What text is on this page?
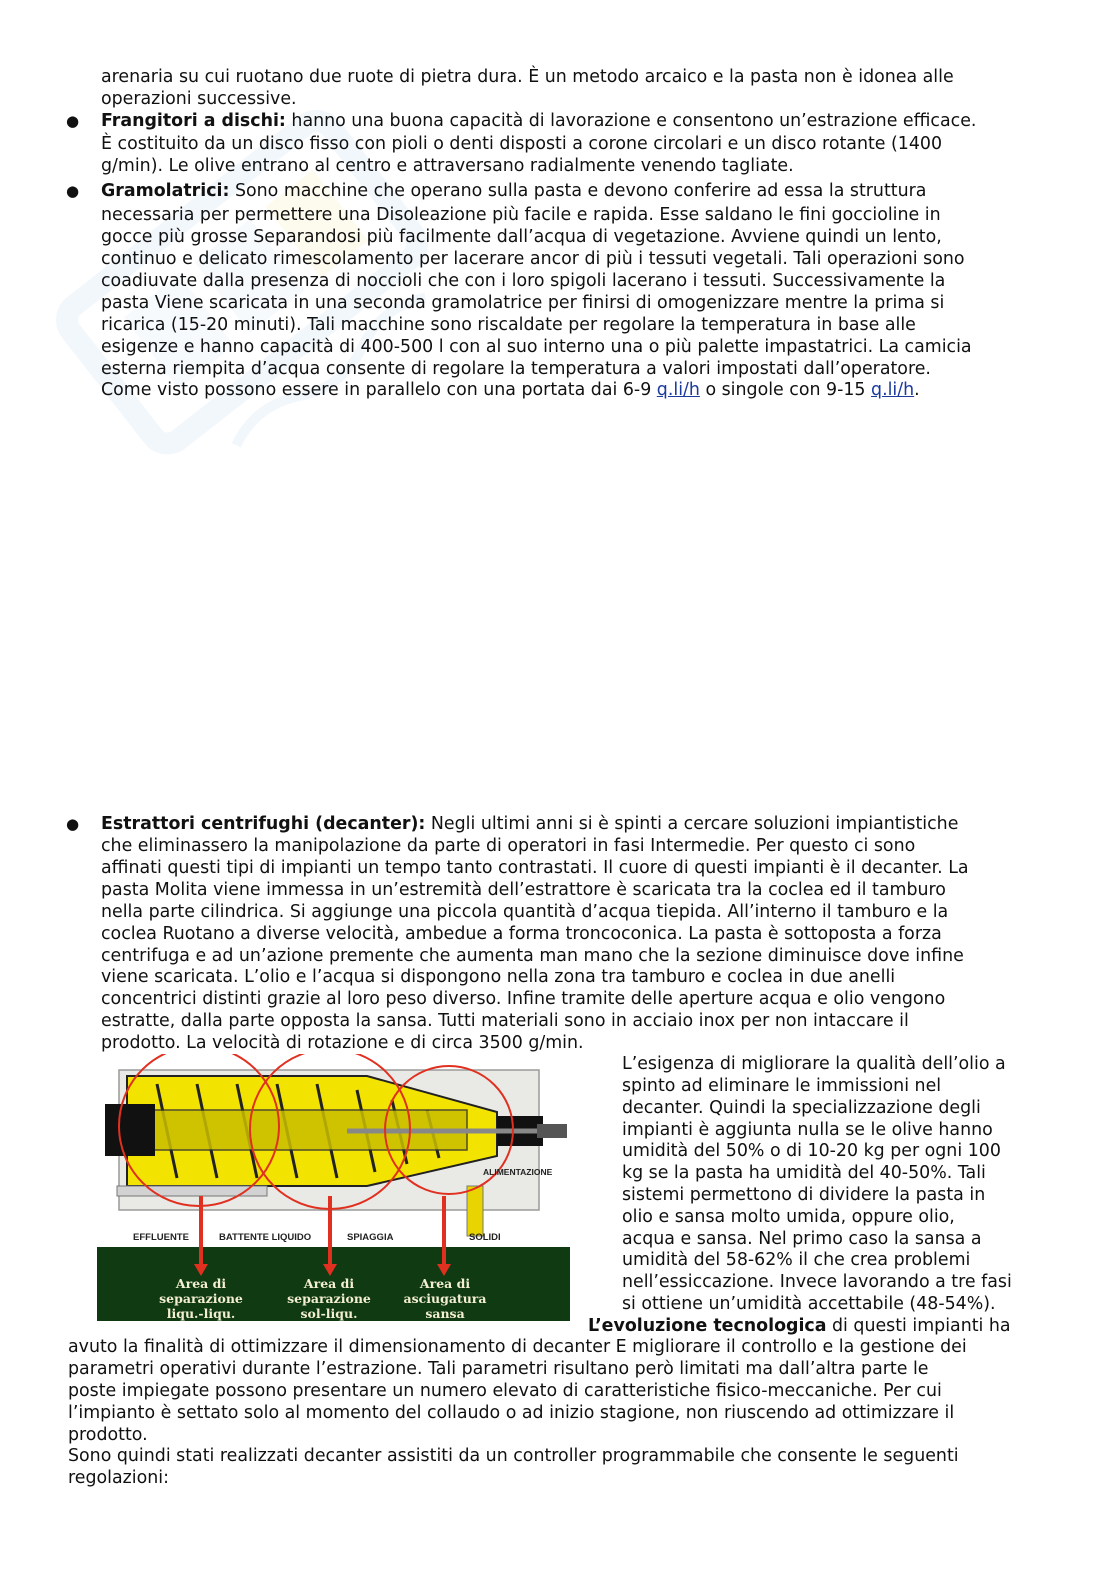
arenaria su cui ruotano due ruote di pietra dura. È un metodo arcaico e la pasta non è idonea alle
operazioni successive.
● Frangitori a dischi: hanno una buona capacità di lavorazione e consentono un’estrazione efficace.
È costituito da un disco fisso con pioli o denti disposti a corone circolari e un disco rotante (1400
g/min). Le olive entrano al centro e attraversano radialmente venendo tagliate.
● Gramolatrici: Sono macchine che operano sulla pasta e devono conferire ad essa la struttura
necessaria per permettere una Disoleazione più facile e rapida. Esse saldano le fini goccioline in
gocce più grosse Separandosi più facilmente dall’acqua di vegetazione. Avviene quindi un lento,
continuo e delicato rimescolamento per lacerare ancor di più i tessuti vegetali. Tali operazioni sono
coadiuvate dalla presenza di noccioli che con i loro spigoli lacerano i tessuti. Successivamente la
pasta Viene scaricata in una seconda gramolatrice per finirsi di omogenizzare mentre la prima si
ricarica (15-20 minuti). Tali macchine sono riscaldate per regolare la temperatura in base alle
esigenze e hanno capacità di 400-500 l con al suo interno una o più palette impastatrici. La camicia
esterna riempita d’acqua consente di regolare la temperatura a valori impostati dall’operatore.
Come visto possono essere in parallelo con una portata dai 6-9 q.li/h o singole con 9-15 q.li/h.
● Estrattori centrifughi (decanter): Negli ultimi anni si è spinti a cercare soluzioni impiantistiche
che eliminassero la manipolazione da parte di operatori in fasi Intermedie. Per questo ci sono
affinati questi tipi di impianti un tempo tanto contrastati. Il cuore di questi impianti è il decanter. La
pasta Molita viene immessa in un’estremità dell’estrattore è scaricata tra la coclea ed il tamburo
nella parte cilindrica. Si aggiunge una piccola quantità d’acqua tiepida. All’interno il tamburo e la
coclea Ruotano a diverse velocità, ambedue a forma troncoconica. La pasta è sottoposta a forza
centrifuga e ad un’azione premente che aumenta man mano che la sezione diminuisce dove infine
viene scaricata. L’olio e l’acqua si dispongono nella zona tra tamburo e coclea in due anelli
concentrici distinti grazie al loro peso diverso. Infine tramite delle aperture acqua e olio vengono
estratte, dalla parte opposta la sansa. Tutti materiali sono in acciaio inox per non intaccare il
prodotto. La velocità di rotazione e di circa 3500 g/min.
EFFLUENTE	BATTENTE LIQUIDO	SPIAGGIA	SOLIDI
ALIMENTAZIONE
Area di
separazione
liqu.-liqu.
Area di
separazione
sol-liqu.
Area di
asciugatura
sansa
L’esigenza di migliorare la qualità dell’olio a
spinto ad eliminare le immissioni nel
decanter. Quindi la specializzazione degli
impianti è aggiunta nulla se le olive hanno
umidità del 50% o di 10-20 kg per ogni 100
kg se la pasta ha umidità del 40-50%. Tali
sistemi permettono di dividere la pasta in
olio e sansa molto umida, oppure olio,
acqua e sansa. Nel primo caso la sansa a
umidità del 58-62% il che crea problemi
nell’essiccazione. Invece lavorando a tre fasi
si ottiene un’umidità accettabile (48-54%).
L’evoluzione tecnologica di questi impianti ha
avuto la finalità di ottimizzare il dimensionamento di decanter E migliorare il controllo e la gestione dei
parametri operativi durante l’estrazione. Tali parametri risultano però limitati ma dall’altra parte le
poste impiegate possono presentare un numero elevato di caratteristiche fisico-meccaniche. Per cui
l’impianto è settato solo al momento del collaudo o ad inizio stagione, non riuscendo ad ottimizzare il
prodotto.
Sono quindi stati realizzati decanter assistiti da un controller programmabile che consente le seguenti
regolazioni:
